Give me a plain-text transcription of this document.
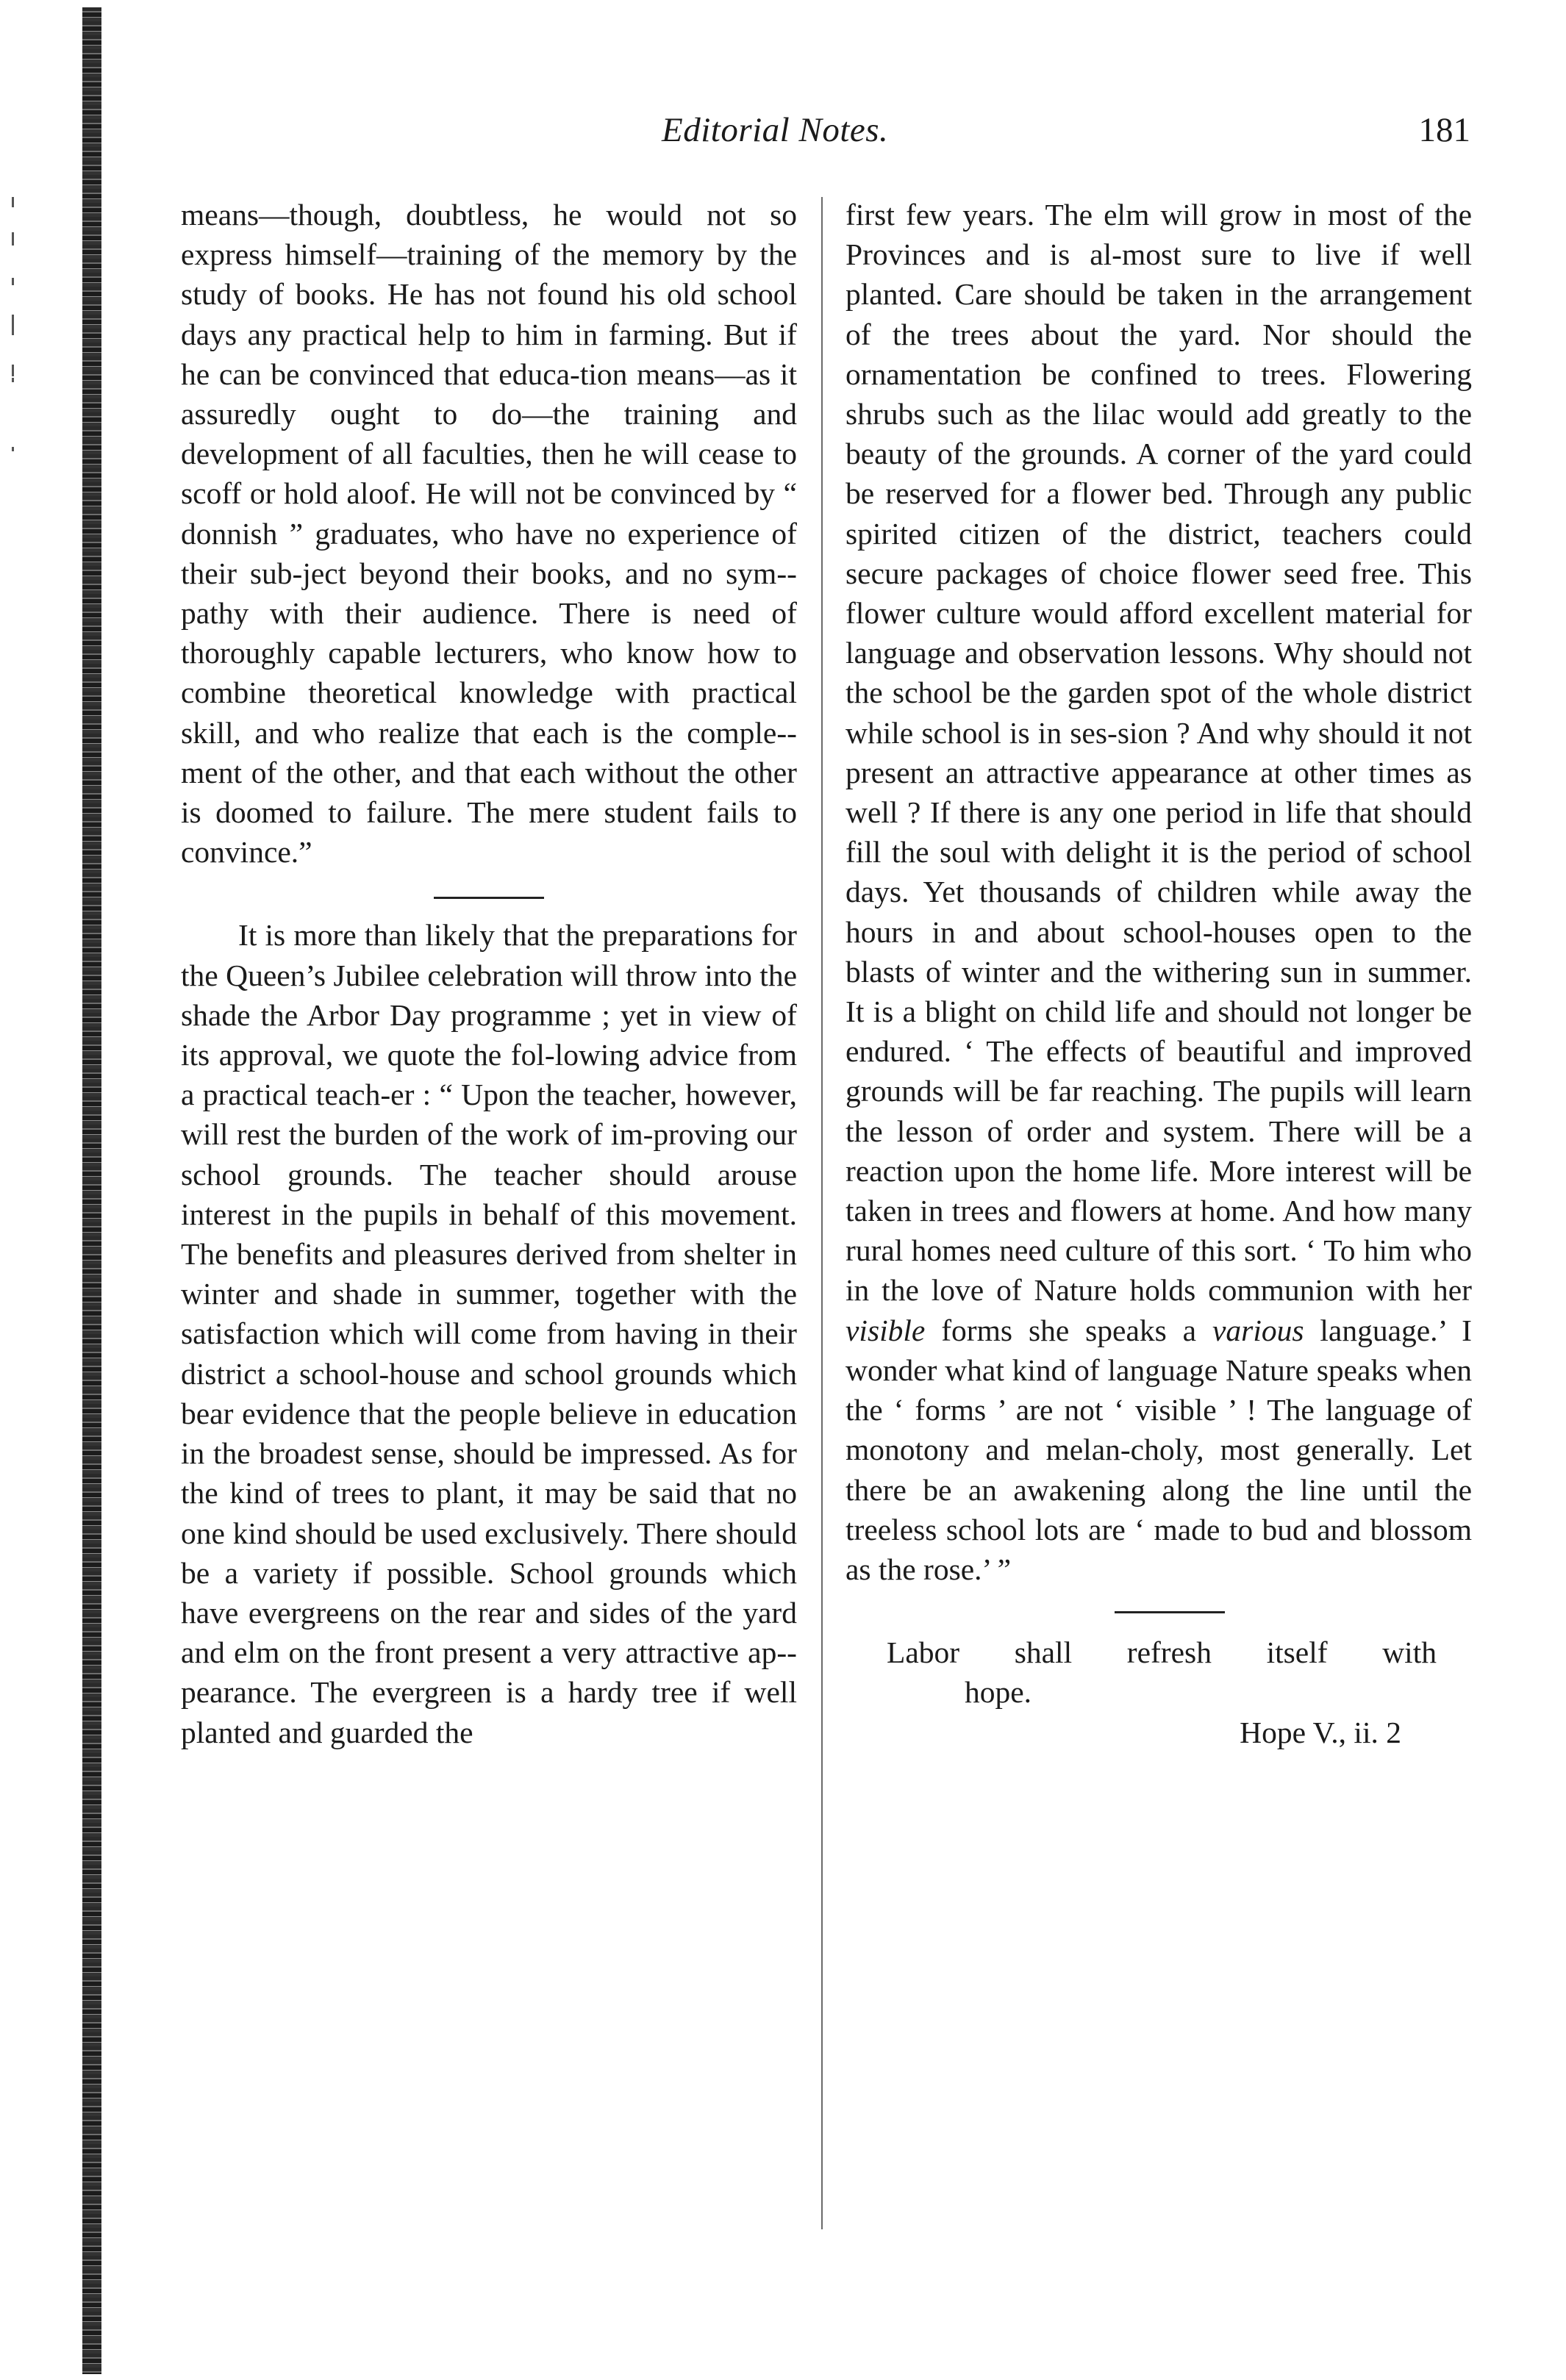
Editorial Notes.	181

means—though, doubtless, he would not so express himself—training of the memory by the study of books. He has not found his old school days any practical help to him in farming. But if he can be convinced that educa-tion means—as it assuredly ought to do—the training and development of all faculties, then he will cease to scoff or hold aloof. He will not be convinced by “ donnish ” graduates, who have no experience of their sub-ject beyond their books, and no sym-pathy with their audience. There is need of thoroughly capable lecturers, who know how to combine theoretical knowledge with practical skill, and who realize that each is the comple-ment of the other, and that each without the other is doomed to failure. The mere student fails to convince.”

It is more than likely that the preparations for the Queen’s Jubilee celebration will throw into the shade the Arbor Day programme ; yet in view of its approval, we quote the fol-lowing advice from a practical teach-er : “ Upon the teacher, however, will rest the burden of the work of im-proving our school grounds. The teacher should arouse interest in the pupils in behalf of this movement. The benefits and pleasures derived from shelter in winter and shade in summer, together with the satisfaction which will come from having in their district a school-house and school grounds which bear evidence that the people believe in education in the broadest sense, should be impressed. As for the kind of trees to plant, it may be said that no one kind should be used exclusively. There should be a variety if possible. School grounds which have evergreens on the rear and sides of the yard and elm on the front present a very attractive ap-pearance. The evergreen is a hardy tree if well planted and guarded the

first few years. The elm will grow in most of the Provinces and is al-most sure to live if well planted. Care should be taken in the arrangement of the trees about the yard. Nor should the ornamentation be confined to trees. Flowering shrubs such as the lilac would add greatly to the beauty of the grounds. A corner of the yard could be reserved for a flower bed. Through any public spirited citizen of the district, teachers could secure packages of choice flower seed free. This flower culture would afford excellent material for language and observation lessons. Why should not the school be the garden spot of the whole district while school is in ses-sion ? And why should it not present an attractive appearance at other times as well ? If there is any one period in life that should fill the soul with delight it is the period of school days. Yet thousands of children while away the hours in and about school-houses open to the blasts of winter and the withering sun in summer. It is a blight on child life and should not longer be endured. ‘ The effects of beautiful and improved grounds will be far reaching. The pupils will learn the lesson of order and system. There will be a reaction upon the home life. More interest will be taken in trees and flowers at home. And how many rural homes need culture of this sort. ‘ To him who in the love of Nature holds communion with her visible forms she speaks a various language.’ I wonder what kind of language Nature speaks when the ‘ forms ’ are not ‘ visible ’ ! The language of monotony and melan-choly, most generally. Let there be an awakening along the line until the treeless school lots are ‘ made to bud and blossom as the rose.’ ”

Labor shall refresh itself with
hope.
Hope V., ii. 2
